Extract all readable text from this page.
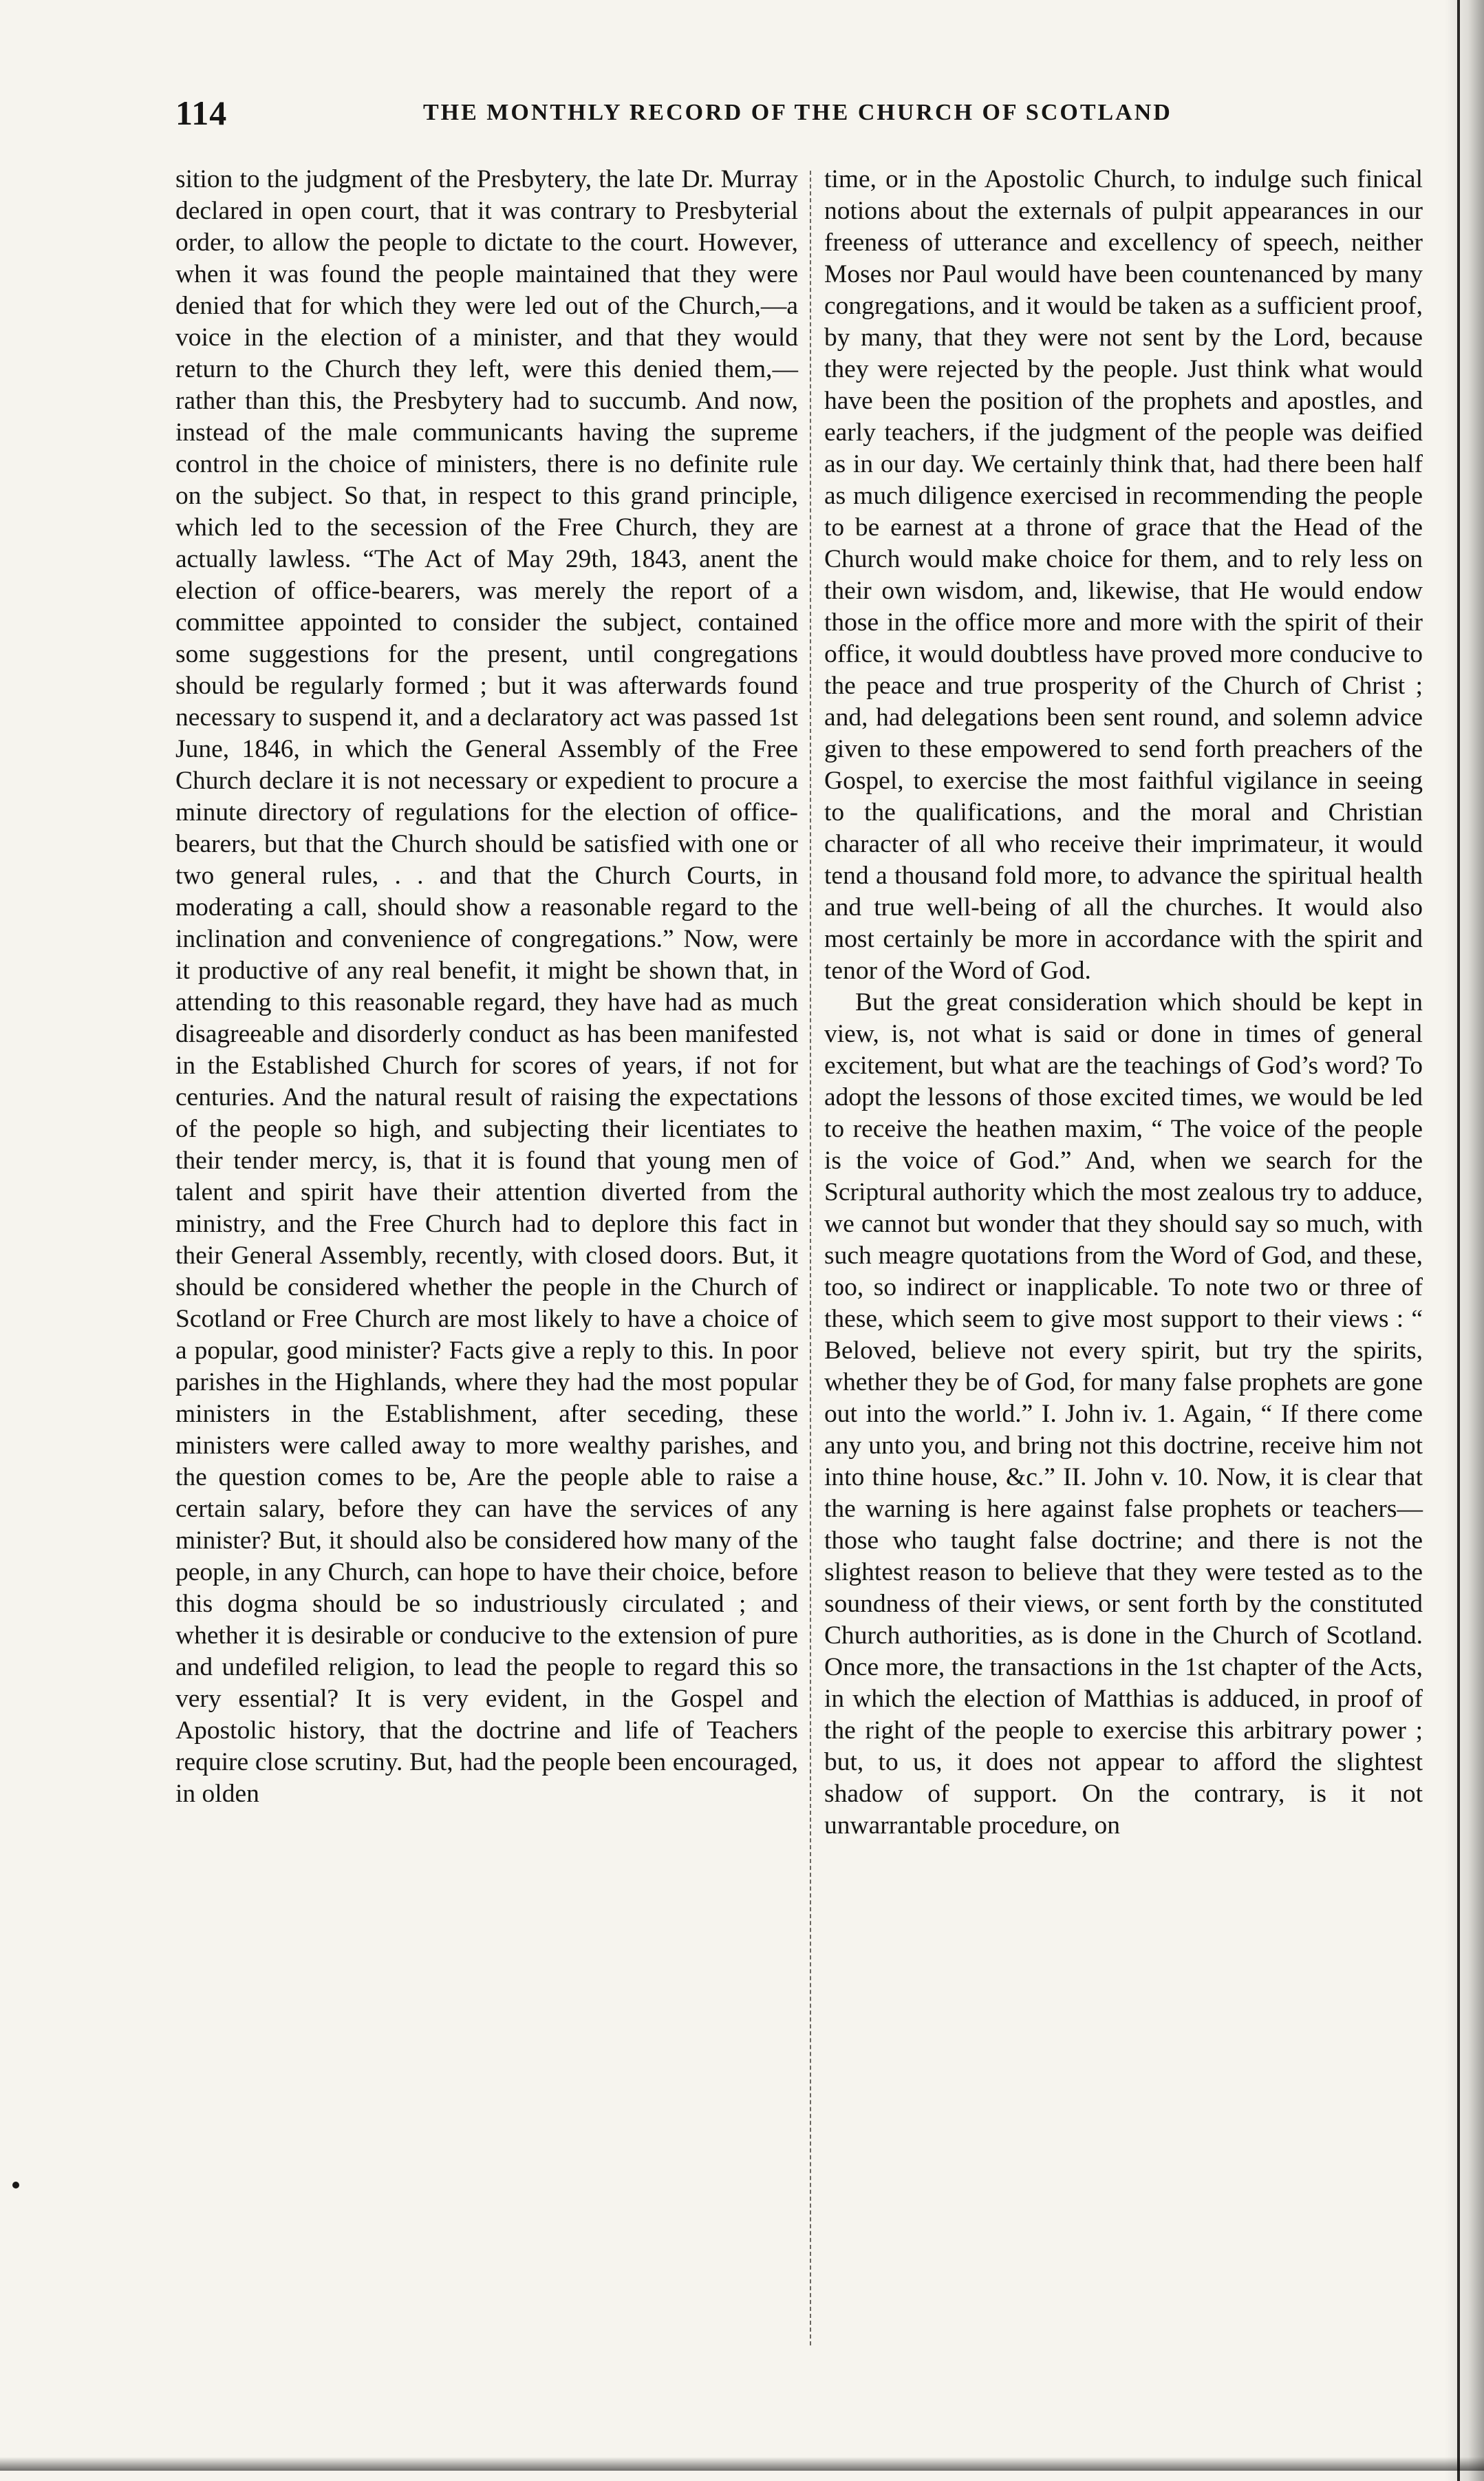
114	THE MONTHLY RECORD OF THE CHURCH OF SCOTLAND

sition to the judgment of the Presbytery, the late Dr. Murray declared in open court, that it was contrary to Presbyterial order, to allow the people to dictate to the court. However, when it was found the people maintained that they were denied that for which they were led out of the Church,—a voice in the election of a minister, and that they would return to the Church they left, were this denied them,—rather than this, the Presbytery had to succumb. And now, instead of the male communicants having the supreme control in the choice of ministers, there is no definite rule on the subject. So that, in respect to this grand principle, which led to the secession of the Free Church, they are actually lawless. “The Act of May 29th, 1843, anent the election of office-bearers, was merely the report of a committee appointed to consider the subject, contained some suggestions for the present, until congregations should be regularly formed ; but it was afterwards found necessary to suspend it, and a declaratory act was passed 1st June, 1846, in which the General Assembly of the Free Church declare it is not necessary or expedient to procure a minute directory of regulations for the election of office-bearers, but that the Church should be satisfied with one or two general rules, . . and that the Church Courts, in moderating a call, should show a reasonable regard to the inclination and convenience of congregations.” Now, were it productive of any real benefit, it might be shown that, in attending to this reasonable regard, they have had as much disagreeable and disorderly conduct as has been manifested in the Established Church for scores of years, if not for centuries. And the natural result of raising the expectations of the people so high, and subjecting their licentiates to their tender mercy, is, that it is found that young men of talent and spirit have their attention diverted from the ministry, and the Free Church had to deplore this fact in their General Assembly, recently, with closed doors. But, it should be considered whether the people in the Church of Scotland or Free Church are most likely to have a choice of a popular, good minister? Facts give a reply to this. In poor parishes in the Highlands, where they had the most popular ministers in the Establishment, after seceding, these ministers were called away to more wealthy parishes, and the question comes to be, Are the people able to raise a certain salary, before they can have the services of any minister? But, it should also be considered how many of the people, in any Church, can hope to have their choice, before this dogma should be so industriously circulated ; and whether it is desirable or conducive to the extension of pure and undefiled religion, to lead the people to regard this so very essential? It is very evident, in the Gospel and Apostolic history, that the doctrine and life of Teachers require close scrutiny. But, had the people been encouraged, in olden

time, or in the Apostolic Church, to indulge such finical notions about the externals of pulpit appearances in our freeness of utterance and excellency of speech, neither Moses nor Paul would have been countenanced by many congregations, and it would be taken as a sufficient proof, by many, that they were not sent by the Lord, because they were rejected by the people. Just think what would have been the position of the prophets and apostles, and early teachers, if the judgment of the people was deified as in our day. We certainly think that, had there been half as much diligence exercised in recommending the people to be earnest at a throne of grace that the Head of the Church would make choice for them, and to rely less on their own wisdom, and, likewise, that He would endow those in the office more and more with the spirit of their office, it would doubtless have proved more conducive to the peace and true prosperity of the Church of Christ ; and, had delegations been sent round, and solemn advice given to these empowered to send forth preachers of the Gospel, to exercise the most faithful vigilance in seeing to the qualifications, and the moral and Christian character of all who receive their imprimateur, it would tend a thousand fold more, to advance the spiritual health and true well-being of all the churches. It would also most certainly be more in accordance with the spirit and tenor of the Word of God.

But the great consideration which should be kept in view, is, not what is said or done in times of general excitement, but what are the teachings of God’s word? To adopt the lessons of those excited times, we would be led to receive the heathen maxim, “ The voice of the people is the voice of God.” And, when we search for the Scriptural authority which the most zealous try to adduce, we cannot but wonder that they should say so much, with such meagre quotations from the Word of God, and these, too, so indirect or inapplicable. To note two or three of these, which seem to give most support to their views : “ Beloved, believe not every spirit, but try the spirits, whether they be of God, for many false prophets are gone out into the world.” I. John iv. 1. Again, “ If there come any unto you, and bring not this doctrine, receive him not into thine house, &c.” II. John v. 10. Now, it is clear that the warning is here against false prophets or teachers—those who taught false doctrine; and there is not the slightest reason to believe that they were tested as to the soundness of their views, or sent forth by the constituted Church authorities, as is done in the Church of Scotland. Once more, the transactions in the 1st chapter of the Acts, in which the election of Matthias is adduced, in proof of the right of the people to exercise this arbitrary power ; but, to us, it does not appear to afford the slightest shadow of support. On the contrary, is it not unwarrantable procedure, on
